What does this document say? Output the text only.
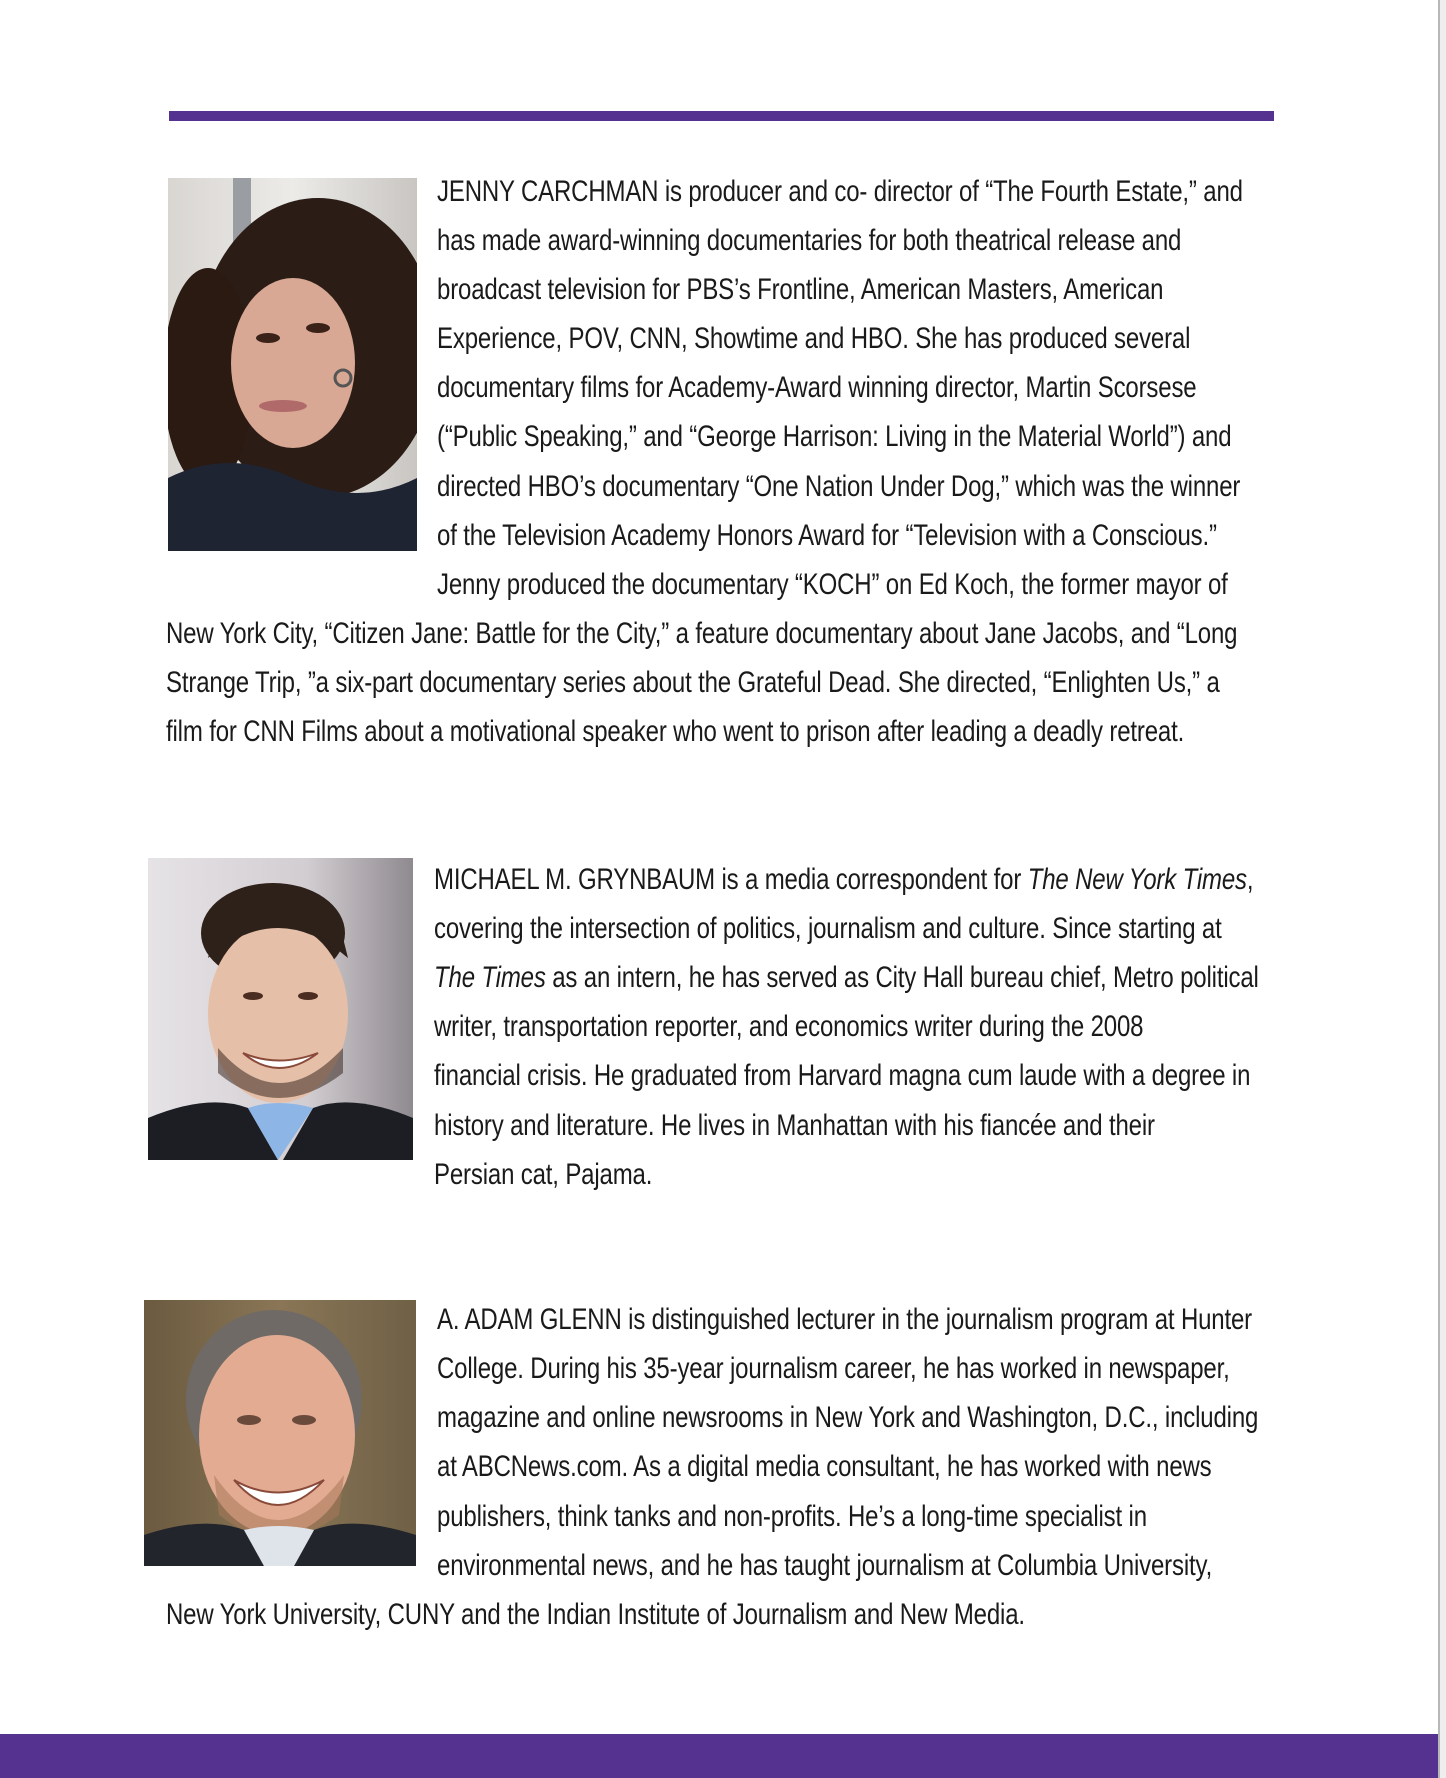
JENNY CARCHMAN is producer and co- director of “The Fourth Estate,” and
has made award-winning documentaries for both theatrical release and
broadcast television for PBS’s Frontline, American Masters, American
Experience, POV, CNN, Showtime and HBO. She has produced several
documentary films for Academy-Award winning director, Martin Scorsese
(“Public Speaking,” and “George Harrison: Living in the Material World”) and
directed HBO’s documentary “One Nation Under Dog,” which was the winner
of the Television Academy Honors Award for “Television with a Conscious.”
Jenny produced the documentary “KOCH” on Ed Koch, the former mayor of
New York City, “Citizen Jane: Battle for the City,” a feature documentary about Jane Jacobs, and “Long
Strange Trip, ”a six-part documentary series about the Grateful Dead. She directed, “Enlighten Us,” a
film for CNN Films about a motivational speaker who went to prison after leading a deadly retreat.
MICHAEL M. GRYNBAUM is a media correspondent for The New York Times,
covering the intersection of politics, journalism and culture. Since starting at
The Times as an intern, he has served as City Hall bureau chief, Metro political
writer, transportation reporter, and economics writer during the 2008
financial crisis. He graduated from Harvard magna cum laude with a degree in
history and literature. He lives in Manhattan with his fiancée and their
Persian cat, Pajama.
A. ADAM GLENN is distinguished lecturer in the journalism program at Hunter
College. During his 35-year journalism career, he has worked in newspaper,
magazine and online newsrooms in New York and Washington, D.C., including
at ABCNews.com. As a digital media consultant, he has worked with news
publishers, think tanks and non-profits. He’s a long-time specialist in
environmental news, and he has taught journalism at Columbia University,
New York University, CUNY and the Indian Institute of Journalism and New Media.
